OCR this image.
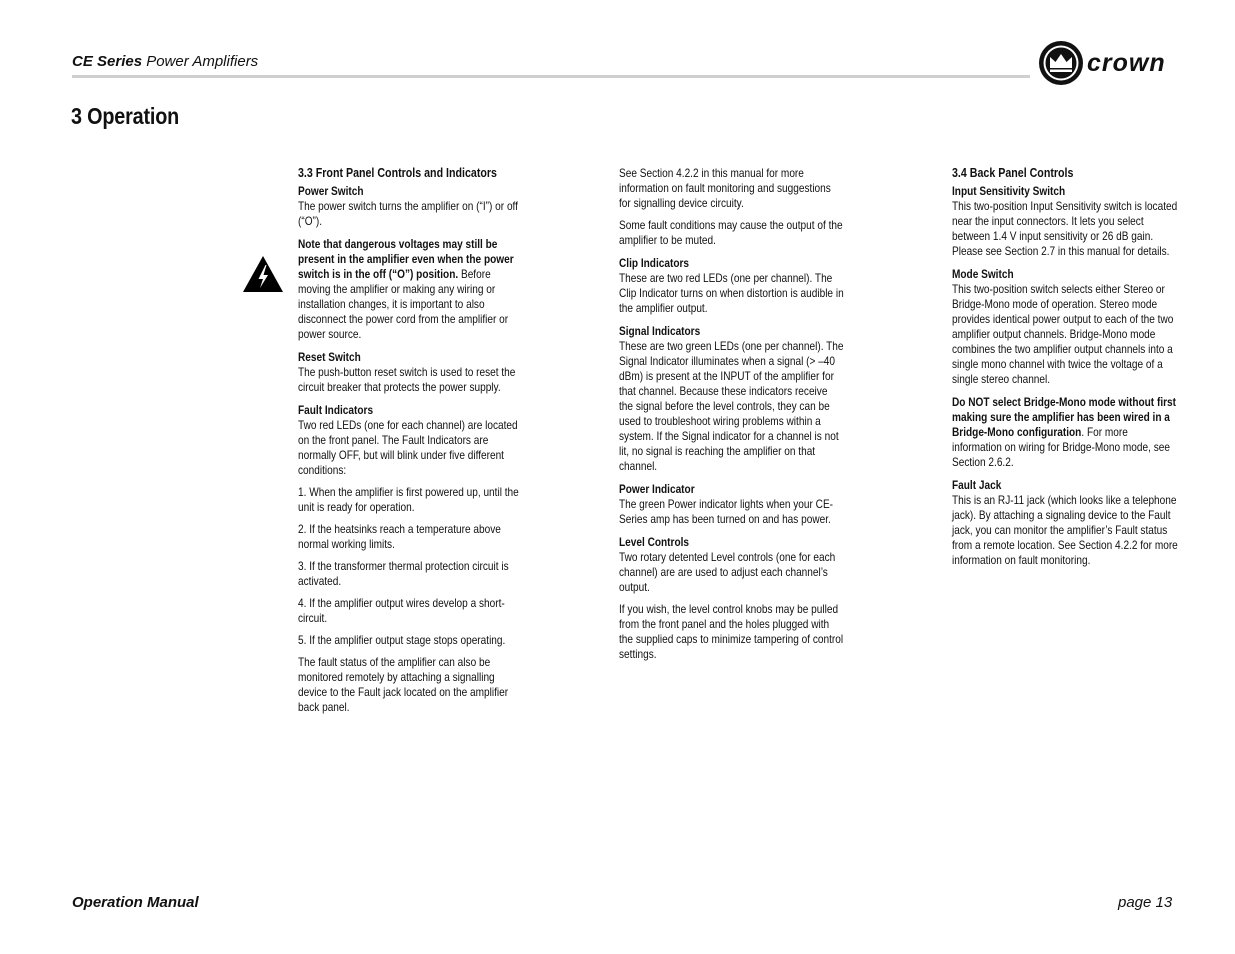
CE Series Power Amplifiers	crown
3 Operation
3.3 Front Panel Controls and Indicators
Power Switch
The power switch turns the amplifier on (“I”) or off (“O”).
Note that dangerous voltages may still be present in the amplifier even when the power switch is in the off (“O”) position. Before moving the amplifier or making any wiring or installation changes, it is important to also disconnect the power cord from the amplifier or power source.
Reset Switch
The push-button reset switch is used to reset the circuit breaker that protects the power supply.
Fault Indicators
Two red LEDs (one for each channel) are located on the front panel. The Fault Indicators are normally OFF, but will blink under five different conditions:
1. When the amplifier is first powered up, until the unit is ready for operation.
2. If the heatsinks reach a temperature above normal working limits.
3. If the transformer thermal protection circuit is activated.
4. If the amplifier output wires develop a short-circuit.
5. If the amplifier output stage stops operating.
The fault status of the amplifier can also be monitored remotely by attaching a signalling device to the Fault jack located on the amplifier back panel.
See Section 4.2.2 in this manual for more information on fault monitoring and suggestions for signalling device circuity.
Some fault conditions may cause the output of the amplifier to be muted.
Clip Indicators
These are two red LEDs (one per channel). The Clip Indicator turns on when distortion is audible in the amplifier output.
Signal Indicators
These are two green LEDs (one per channel). The Signal Indicator illuminates when a signal (> –40 dBm) is present at the INPUT of the amplifier for that channel. Because these indicators receive the signal before the level controls, they can be used to troubleshoot wiring problems within a system. If the Signal indicator for a channel is not lit, no signal is reaching the amplifier on that channel.
Power Indicator
The green Power indicator lights when your CE-Series amp has been turned on and has power.
Level Controls
Two rotary detented Level controls (one for each channel) are are used to adjust each channel’s output.
If you wish, the level control knobs may be pulled from the front panel and the holes plugged with the supplied caps to minimize tampering of control settings.
3.4 Back Panel Controls
Input Sensitivity Switch
This two-position Input Sensitivity switch is located near the input connectors. It lets you select between 1.4 V input sensitivity or 26 dB gain. Please see Section 2.7 in this manual for details.
Mode Switch
This two-position switch selects either Stereo or Bridge-Mono mode of operation. Stereo mode provides identical power output to each of the two amplifier output channels. Bridge-Mono mode combines the two amplifier output channels into a single mono channel with twice the voltage of a single stereo channel.
Do NOT select Bridge-Mono mode without first making sure the amplifier has been wired in a Bridge-Mono configuration. For more information on wiring for Bridge-Mono mode, see Section 2.6.2.
Fault Jack
This is an RJ-11 jack (which looks like a telephone jack). By attaching a signaling device to the Fault jack, you can monitor the amplifier’s Fault status from a remote location. See Section 4.2.2 for more information on fault monitoring.
Operation Manual	page 13
